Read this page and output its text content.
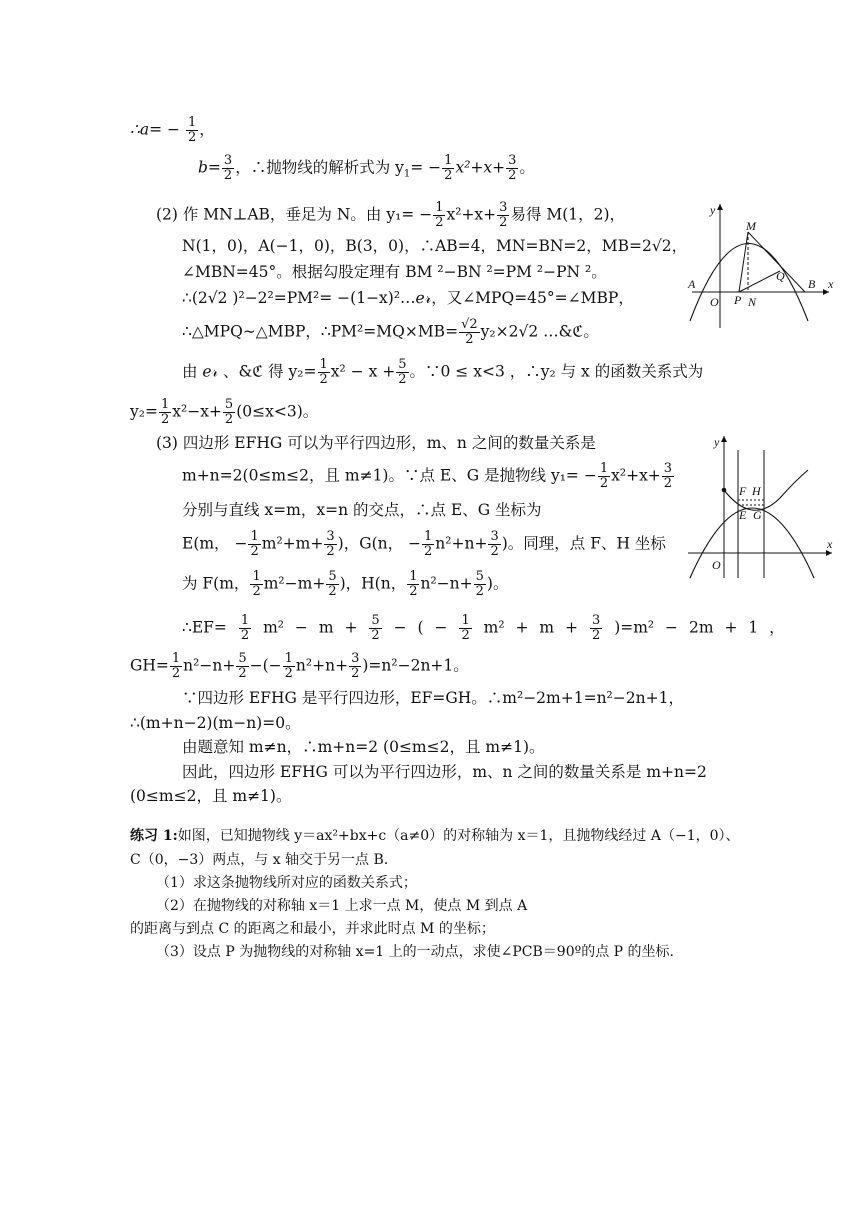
∴a= − $\frac{1}{2}$ ，
$b= \frac{3}{2}$ ，∴抛物线的解析式为 $y_1= - \frac{1}{2} x^2+x+ \frac{3}{2}$ 。
(2) 作 MN⊥AB，垂足为 N。由 $y_1= - \frac{1}{2} x^2+x+ \frac{3}{2}$ 易得 M(1，2)，
N(1，0)，A(−1，0)，B(3，0)，∴AB=4，MN=BN=2，MB=2√2，
∠MBN=45°。根据勾股定理有 BM ²−BN ²=PM ²−PN ²。
∴(2√2 )²−2²=PM²= −(1−x)²…ℯ𝓇，又∠MPQ=45°=∠MBP，
∴△MPQ∼△MBP，∴PM²=MQ×MB= $\frac{√2}{2} y_2\times 2√2$ …&ℭ。
由 ℯ𝓇 、&ℭ 得 $y_2= \frac{1}{2} x^2 - x + \frac{5}{2}$ 。∵0 ≤ x<3 ，∴y₂ 与 x 的函数关系式为
$y_2= \frac{1}{2} x^2-x+ \frac{5}{2} (0\le x<3)$。
(3) 四边形 EFHG 可以为平行四边形，m、n 之间的数量关系是
m+n=2(0≤m≤2，且 m≠1)。∵点 E、G 是抛物线 $y_1= - \frac{1}{2} x^2+x+ \frac{3}{2}$
分别与直线 x=m，x=n 的交点，∴点 E、G 坐标为
E(m， − $\frac{1}{2} m^2+m+ \frac{3}{2}$ )，G(n， − $\frac{1}{2} n^2+n+ \frac{3}{2}$ )。同理，点 F、H 坐标
为 F(m， $\frac{1}{2} m^2-m+ \frac{5}{2}$ )，H(n， $\frac{1}{2} n^2-n+ \frac{5}{2}$ )。
∴EF= $\frac{1}{2} m^2 - m + \frac{5}{2}$ − ( − $\frac{1}{2} m^2 + m + \frac{3}{2} )=m^2 - 2m + 1$ ，
$GH= \frac{1}{2} n^2-n+ \frac{5}{2}$ −(− $\frac{1}{2} n^2+n+ \frac{3}{2} )=n^2-2n+1$。
∵四边形 EFHG 是平行四边形，EF=GH。∴m²−2m+1=n²−2n+1，
∴(m+n−2)(m−n)=0。
由题意知 m≠n，∴m+n=2 (0≤m≤2，且 m≠1)。
因此，四边形 EFHG 可以为平行四边形，m、n 之间的数量关系是 m+n=2
(0≤m≤2，且 m≠1)。
练习 1:如图，已知抛物线 y＝ax²+bx+c（a≠0）的对称轴为 x＝1，且抛物线经过 A（−1，0）、
C（0，−3）两点，与 x 轴交于另一点 B.
（1）求这条抛物线所对应的函数关系式；
（2）在抛物线的对称轴 x＝1 上求一点 M，使点 M 到点 A
的距离与到点 C 的距离之和最小，并求此时点 M 的坐标；
（3）设点 P 为抛物线的对称轴 x=1 上的一动点，求使∠PCB＝90º的点 P 的坐标.
y
M
Q
A
O P N
B x
y
F H
E G
O
x
